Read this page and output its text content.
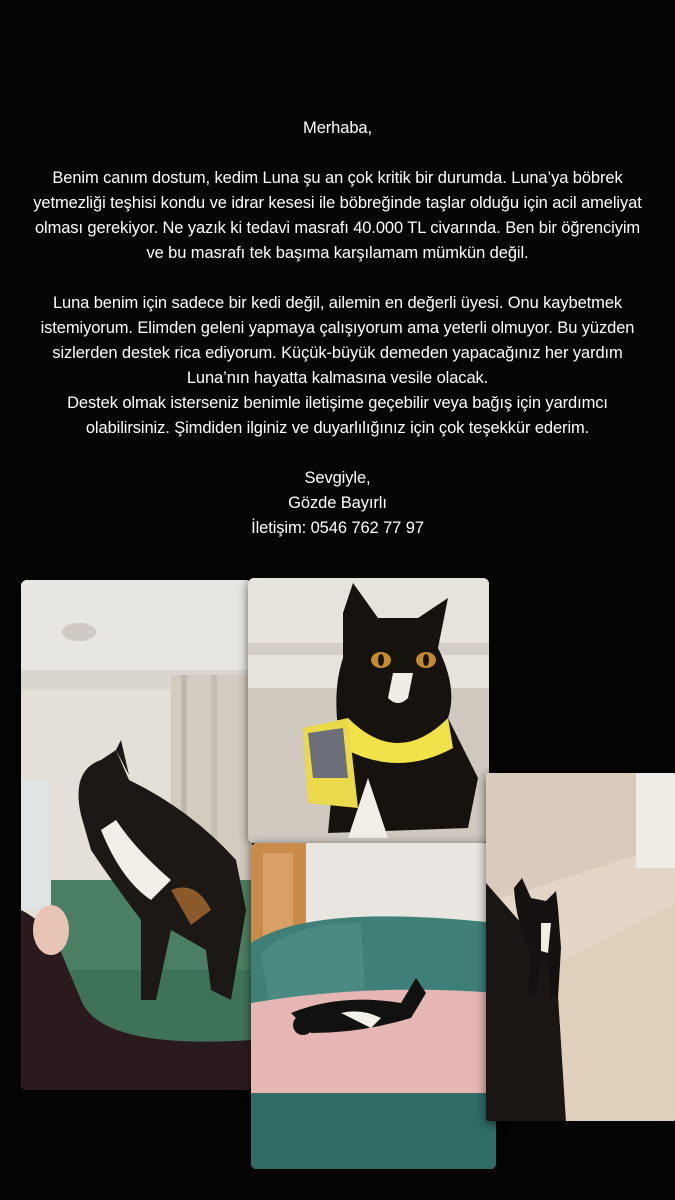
Merhaba,

Benim canım dostum, kedim Luna şu an çok kritik bir durumda. Luna’ya böbrek yetmezliği teşhisi kondu ve idrar kesesi ile böbreğinde taşlar olduğu için acil ameliyat olması gerekiyor. Ne yazık ki tedavi masrafı 40.000 TL civarında. Ben bir öğrenciyim ve bu masrafı tek başıma karşılamam mümkün değil.

Luna benim için sadece bir kedi değil, ailemin en değerli üyesi. Onu kaybetmek istemiyorum. Elimden geleni yapmaya çalışıyorum ama yeterli olmuyor. Bu yüzden sizlerden destek rica ediyorum. Küçük-büyük demeden yapacağınız her yardım Luna’nın hayatta kalmasına vesile olacak.

Destek olmak isterseniz benimle iletişime geçebilir veya bağış için yardımcı olabilirsiniz. Şimdiden ilginiz ve duyarlılığınız için çok teşekkür ederim.

Sevgiyle,

Gözde Bayırlı

İletişim: 0546 762 77 97
